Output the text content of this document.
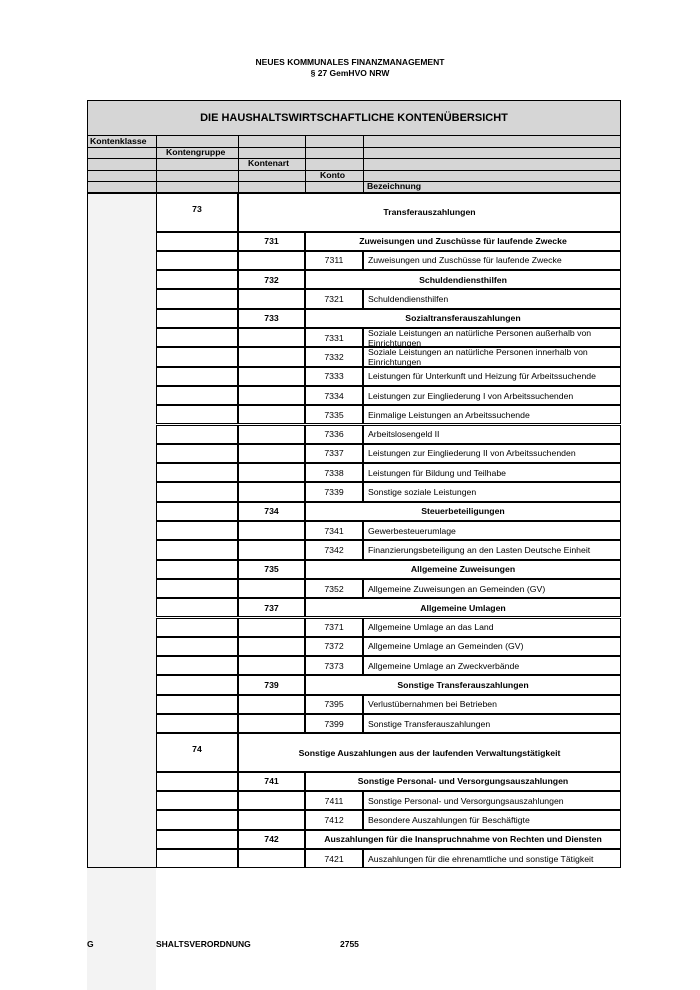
NEUES KOMMUNALES FINANZMANAGEMENT
§ 27 GemHVO NRW
DIE HAUSHALTSWIRTSCHAFTLICHE KONTENÜBERSICHT
G	SHALTSVERORDNUNG	2755
Kontenklasse
Kontengruppe
Kontenart
Konto
Bezeichnung
73	Transferauszahlungen
731	Zuweisungen und Zuschüsse für laufende Zwecke
7311	Zuweisungen und Zuschüsse für laufende Zwecke
732	Schuldendiensthilfen
7321	Schuldendiensthilfen
733	Sozialtransferauszahlungen
7331	Soziale Leistungen an natürliche Personen außerhalb von Einrichtungen
7332	Soziale Leistungen an natürliche Personen innerhalb von Einrichtungen
7333	Leistungen für Unterkunft und Heizung für Arbeitssuchende
7334	Leistungen zur Eingliederung I von Arbeitssuchenden
7335	Einmalige Leistungen an Arbeitssuchende
7336	Arbeitslosengeld II
7337	Leistungen zur Eingliederung II von Arbeitssuchenden
7338	Leistungen für Bildung und Teilhabe
7339	Sonstige soziale Leistungen
734	Steuerbeteiligungen
7341	Gewerbesteuerumlage
7342	Finanzierungsbeteiligung an den Lasten Deutsche Einheit
735	Allgemeine Zuweisungen
7352	Allgemeine Zuweisungen an Gemeinden (GV)
737	Allgemeine Umlagen
7371	Allgemeine Umlage an das Land
7372	Allgemeine Umlage an Gemeinden (GV)
7373	Allgemeine Umlage an Zweckverbände
739	Sonstige Transferauszahlungen
7395	Verlustübernahmen bei Betrieben
7399	Sonstige Transferauszahlungen
74	Sonstige Auszahlungen aus der laufenden Verwaltungstätigkeit
741	Sonstige Personal- und Versorgungsauszahlungen
7411	Sonstige Personal- und Versorgungsauszahlungen
7412	Besondere Auszahlungen für Beschäftigte
742	Auszahlungen für die Inanspruchnahme von Rechten und Diensten
7421	Auszahlungen für die ehrenamtliche und sonstige Tätigkeit
